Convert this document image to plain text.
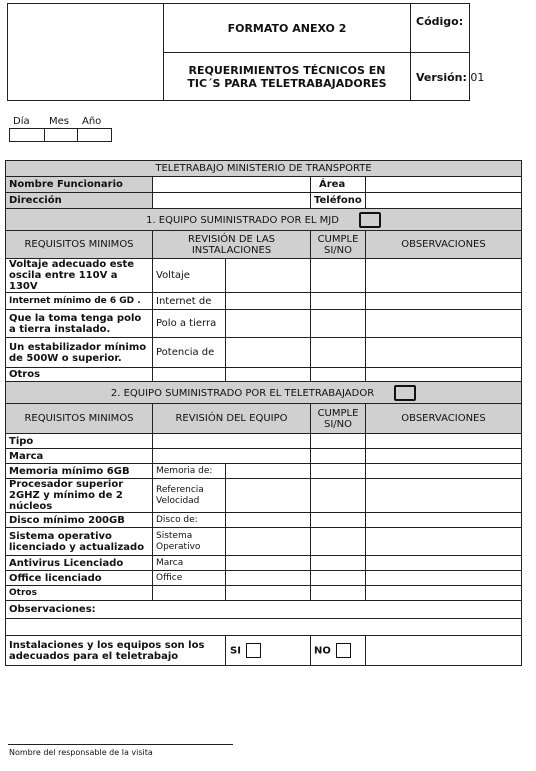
FORMATO ANEXO 2
REQUERIMIENTOS TÉCNICOS EN TIC´S PARA TELETRABAJADORES
Código:
Versión: 01
Día Mes Año
TELETRABAJO MINISTERIO DE TRANSPORTE				
Nombre Funcionario			Área	
Dirección			Teléfono	
1. EQUIPO SUMINISTRADO POR EL MJD				
REQUISITOS MINIMOS	REVISIÓN DE LAS INSTALACIONES		CUMPLE SI/NO	OBSERVACIONES
Voltaje adecuado este oscila entre 110V a 130V	Voltaje			
Internet mínimo de 6 GD .	Internet de			
Que la toma tenga polo a tierra instalado.	Polo a tierra			
Un estabilizador mínimo de 500W o superior.	Potencia de			
Otros				
2. EQUIPO SUMINISTRADO POR EL TELETRABAJADOR				
REQUISITOS MINIMOS	REVISIÓN DEL EQUIPO		CUMPLE SI/NO	OBSERVACIONES
Tipo				
Marca				
Memoria mínimo 6GB	Memoria de:			
Procesador superior 2GHZ y mínimo de 2 núcleos	Referencia Velocidad			
Disco mínimo 200GB	Disco de:			
Sistema operativo licenciado y actualizado	Sistema Operativo			
Antivirus Licenciado	Marca			
Office licenciado	Office			
Otros				
Observaciones:				

Instalaciones y los equipos son los adecuados para el teletrabajo		SI	NO	
Nombre del responsable de la visita
